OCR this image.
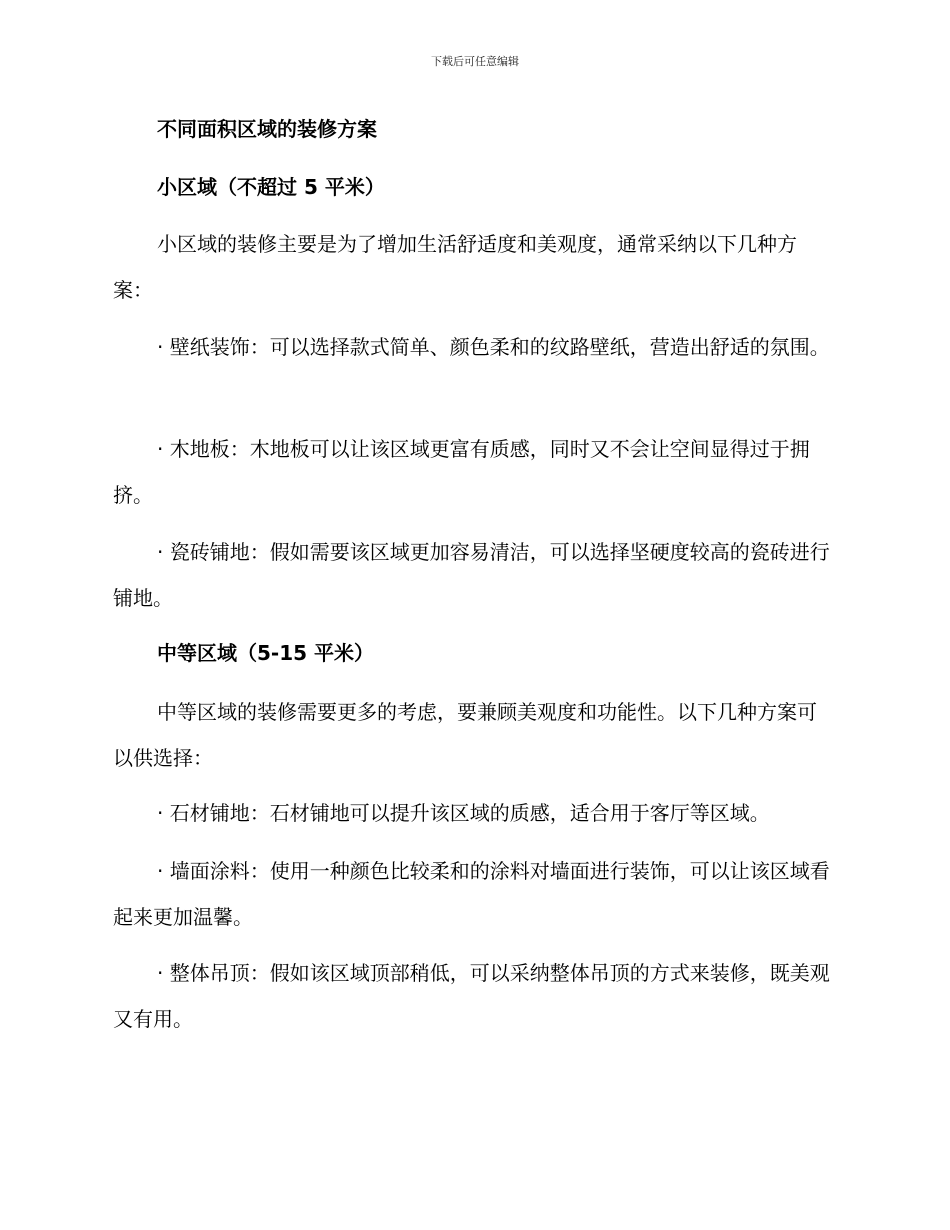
下载后可任意编辑
不同面积区域的装修方案
小区域（不超过 5 平米）

小区域的装修主要是为了增加生活舒适度和美观度，通常采纳以下几种方案：

· 壁纸装饰：可以选择款式简单、颜色柔和的纹路壁纸，营造出舒适的氛围。

· 木地板：木地板可以让该区域更富有质感，同时又不会让空间显得过于拥挤。

· 瓷砖铺地：假如需要该区域更加容易清洁，可以选择坚硬度较高的瓷砖进行铺地。

中等区域（5-15 平米）

中等区域的装修需要更多的考虑，要兼顾美观度和功能性。以下几种方案可以供选择：

· 石材铺地：石材铺地可以提升该区域的质感，适合用于客厅等区域。

· 墙面涂料：使用一种颜色比较柔和的涂料对墙面进行装饰，可以让该区域看起来更加温馨。

· 整体吊顶：假如该区域顶部稍低，可以采纳整体吊顶的方式来装修，既美观又有用。
